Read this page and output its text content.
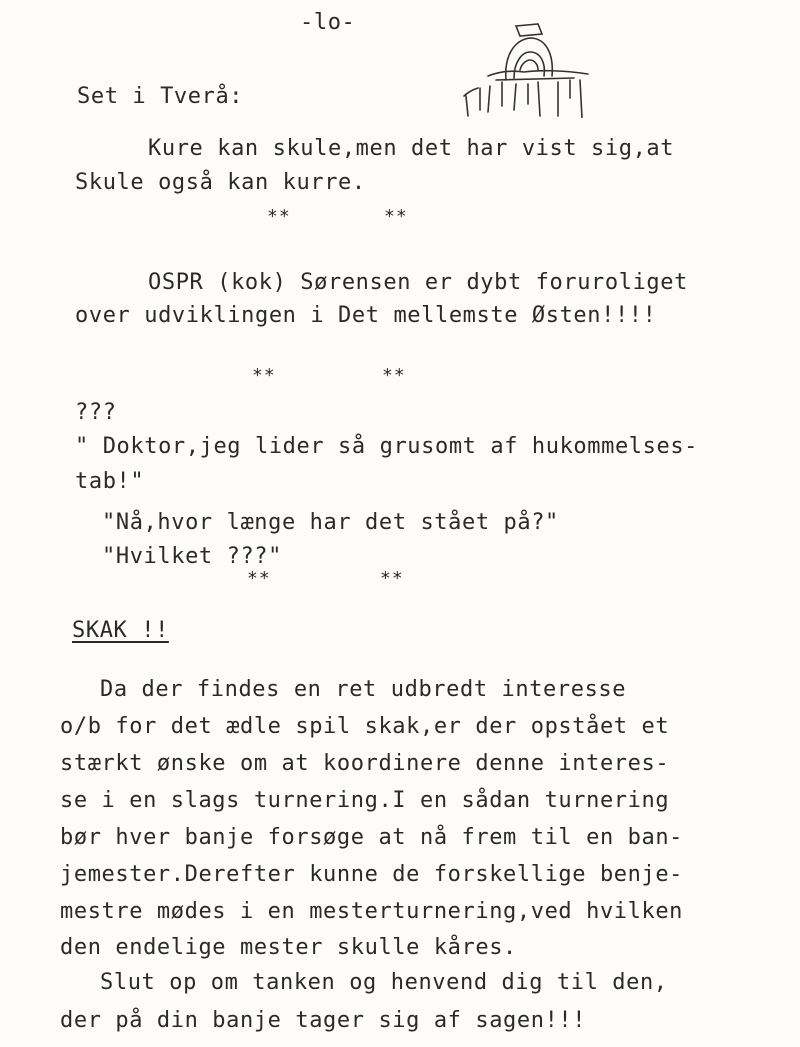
-lo-
Set i Tverå:
Kure kan skule,men det har vist sig,at
Skule også kan kurre.
**	**
OSPR (kok) Sørensen er dybt foruroliget
over udviklingen i Det mellemste Østen!!!!
**	**
???
" Doktor,jeg lider så grusomt af hukommelses-
tab!"
"Nå,hvor længe har det stået på?"
"Hvilket ???"
**	**
SKAK !!
Da der findes en ret udbredt interesse
o/b for det ædle spil skak,er der opstået et
stærkt ønske om at koordinere denne interes-
se i en slags turnering.I en sådan turnering
bør hver banje forsøge at nå frem til en ban-
jemester.Derefter kunne de forskellige benje-
mestre mødes i en mesterturnering,ved hvilken
den endelige mester skulle kåres.
Slut op om tanken og henvend dig til den,
der på din banje tager sig af sagen!!!
